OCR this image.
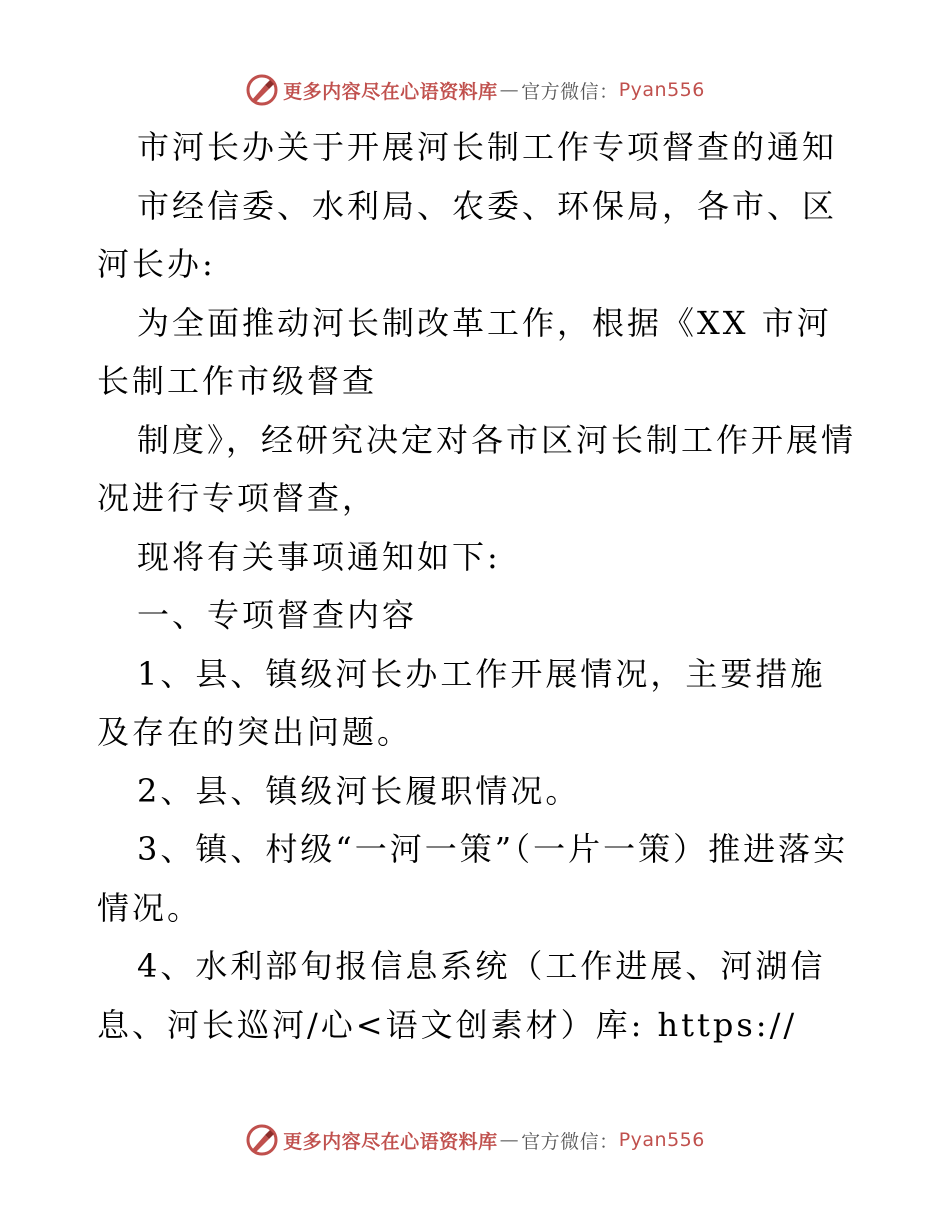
更多内容尽在心语资料库 — 官方微信： Pyan556

市河长办关于开展河长制工作专项督查的通知

市经信委、水利局、农委、环保局，各市、区河长办:

为全面推动河长制改革工作，根据《XX 市河长制工作市级督查

制度》，经研究决定对各市区河长制工作开展情况进行专项督查，

现将有关事项通知如下:

一、专项督查内容

1、县、镇级河长办工作开展情况，主要措施及存在的突出问题。

2、县、镇级河长履职情况。

3、镇、村级“一河一策”（一片一策）推进落实情况。

4、水利部旬报信息系统（工作进展、河湖信息、河长巡河/心<语文创素材）库: https://

更多内容尽在心语资料库 — 官方微信： Pyan556
